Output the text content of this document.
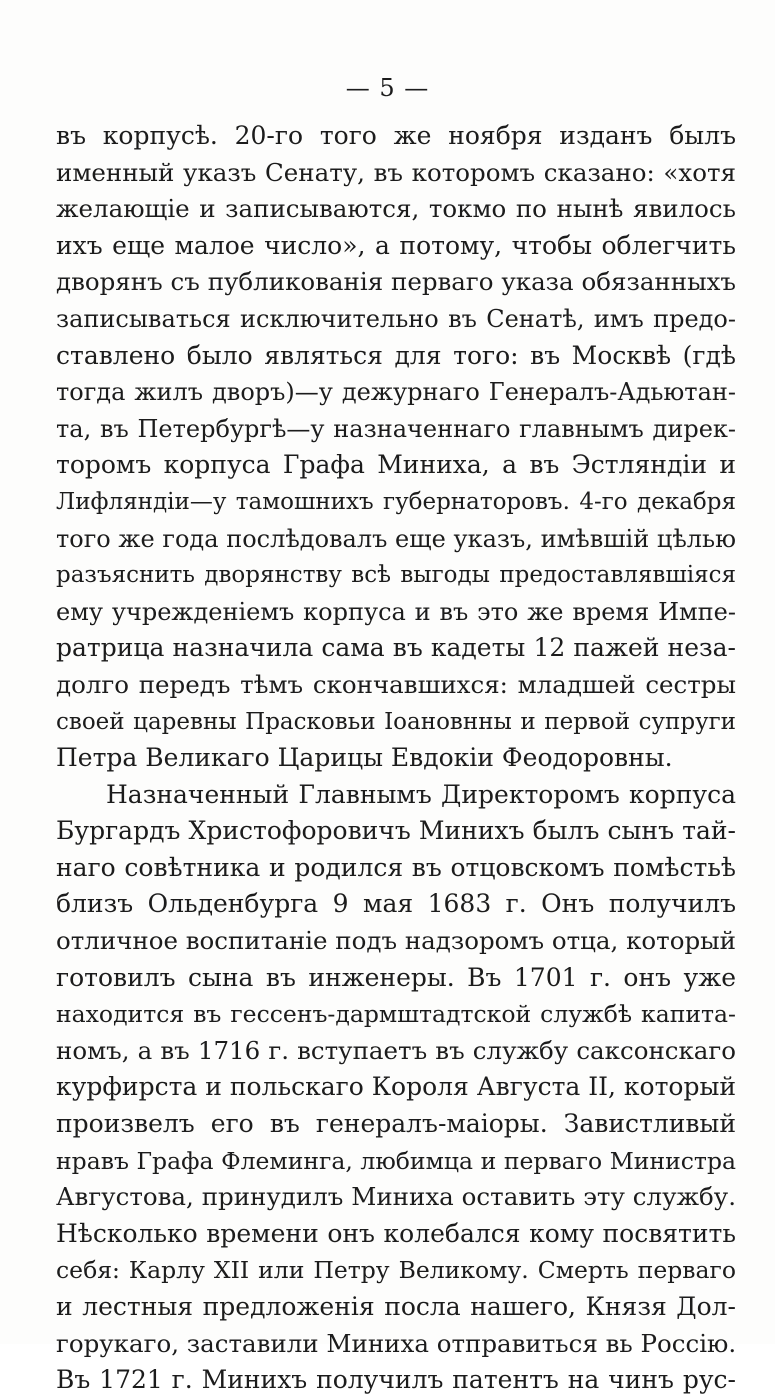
— 5 —
въ корпусѣ. 20-го того же ноября изданъ былъ
именный указъ Сенату, въ которомъ сказано: «хотя
желающіе и записываются, токмо по нынѣ явилось
ихъ еще малое число», а потому, чтобы облегчить
дворянъ съ публикованія перваго указа обязанныхъ
записываться исключительно въ Сенатѣ, имъ предо-
ставлено было являться для того: въ Москвѣ (гдѣ
тогда жилъ дворъ)—у дежурнаго Генералъ-Адьютан-
та, въ Петербургѣ—у назначеннаго главнымъ дирек-
торомъ корпуса Графа Миниха, а въ Эстляндіи и
Лифляндіи—у тамошнихъ губернаторовъ. 4-го декабря
того же года послѣдовалъ еще указъ, имѣвшій цѣлью
разъяснить дворянству всѣ выгоды предоставлявшіяся
ему учрежденіемъ корпуса и въ это же время Импе-
ратрица назначила сама въ кадеты 12 пажей неза-
долго передъ тѣмъ скончавшихся: младшей сестры
своей царевны Прасковьи Іоановнны и первой супруги
Петра Великаго Царицы Евдокіи Феодоровны.
Назначенный Главнымъ Директоромъ корпуса
Бургардъ Христофоровичъ Минихъ былъ сынъ тай-
наго совѣтника и родился въ отцовскомъ помѣстьѣ
близъ Ольденбурга 9 мая 1683 г. Онъ получилъ
отличное воспитаніе подъ надзоромъ отца, который
готовилъ сына въ инженеры. Въ 1701 г. онъ уже
находится въ гессенъ-дармштадтской службѣ капита-
номъ, а въ 1716 г. вступаетъ въ службу саксонскаго
курфирста и польскаго Короля Августа II, который
произвелъ его въ генералъ-маіоры. Завистливый
нравъ Графа Флеминга, любимца и перваго Министра
Августова, принудилъ Миниха оставить эту службу.
Нѣсколько времени онъ колебался кому посвятить
себя: Карлу XII или Петру Великому. Смерть перваго
и лестныя предложенія посла нашего, Князя Дол-
горукаго, заставили Миниха отправиться вь Россію.
Въ 1721 г. Минихъ получилъ патентъ на чинъ рус-
